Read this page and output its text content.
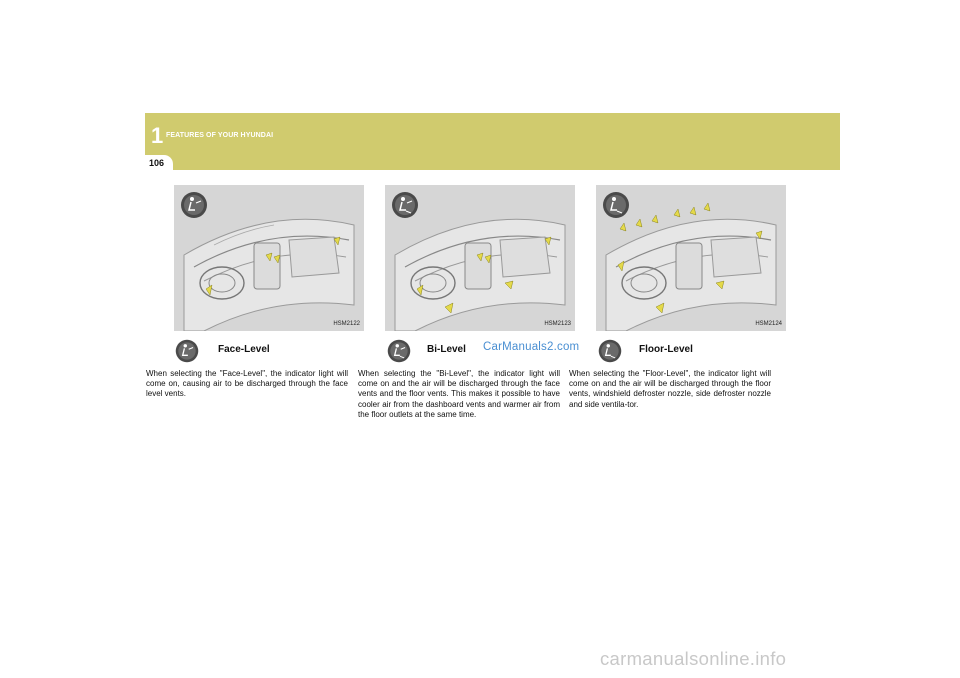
1 FEATURES OF YOUR HYUNDAI
106
HSM2122
Face-Level
When selecting the "Face-Level", the indicator light will come on, causing air to be discharged through the face level vents.
HSM2123
Bi-Level CarManuals2.com
When selecting the "Bi-Level", the indicator light will come on and the air will be discharged through the face vents and the floor vents. This makes it possible to have cooler air from the dashboard vents and warmer air from the floor outlets at the same time.
HSM2124
Floor-Level
When selecting the "Floor-Level", the indicator light will come on and the air will be discharged through the floor vents, windshield defroster nozzle, side defroster nozzle and side ventila-tor.
carmanualsonline.info
